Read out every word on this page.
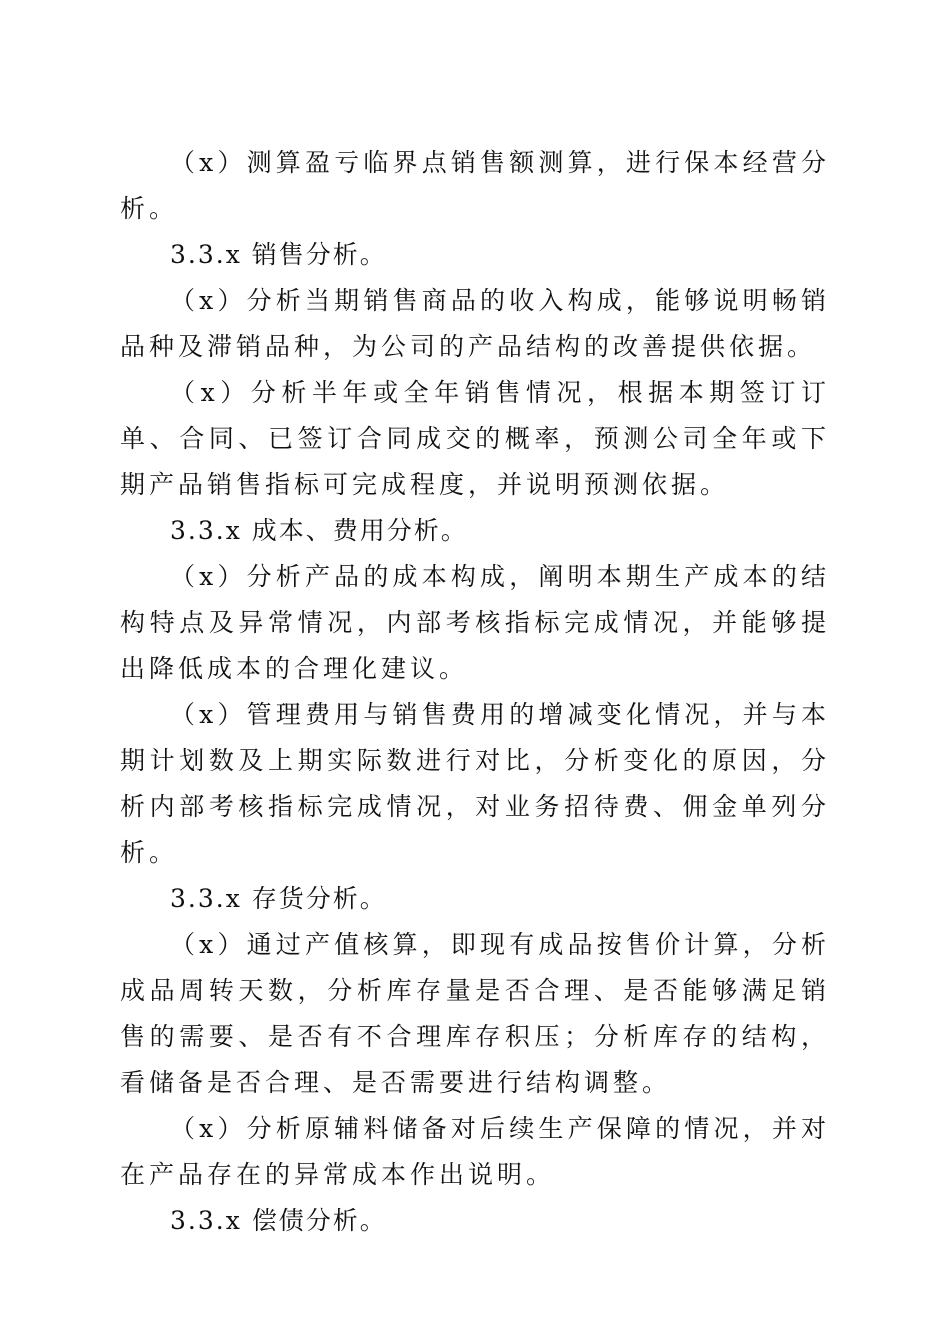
（x）测算盈亏临界点销售额测算，进行保本经营分析。

3.3.x 销售分析。

（x）分析当期销售商品的收入构成，能够说明畅销品种及滞销品种，为公司的产品结构的改善提供依据。

（x）分析半年或全年销售情况，根据本期签订订单、合同、已签订合同成交的概率，预测公司全年或下期产品销售指标可完成程度，并说明预测依据。

3.3.x 成本、费用分析。

（x）分析产品的成本构成，阐明本期生产成本的结构特点及异常情况，内部考核指标完成情况，并能够提出降低成本的合理化建议。

（x）管理费用与销售费用的增减变化情况，并与本期计划数及上期实际数进行对比，分析变化的原因，分析内部考核指标完成情况，对业务招待费、佣金单列分析。

3.3.x 存货分析。

（x）通过产值核算，即现有成品按售价计算，分析成品周转天数，分析库存量是否合理、是否能够满足销售的需要、是否有不合理库存积压；分析库存的结构，看储备是否合理、是否需要进行结构调整。

（x）分析原辅料储备对后续生产保障的情况，并对在产品存在的异常成本作出说明。

3.3.x 偿债分析。
